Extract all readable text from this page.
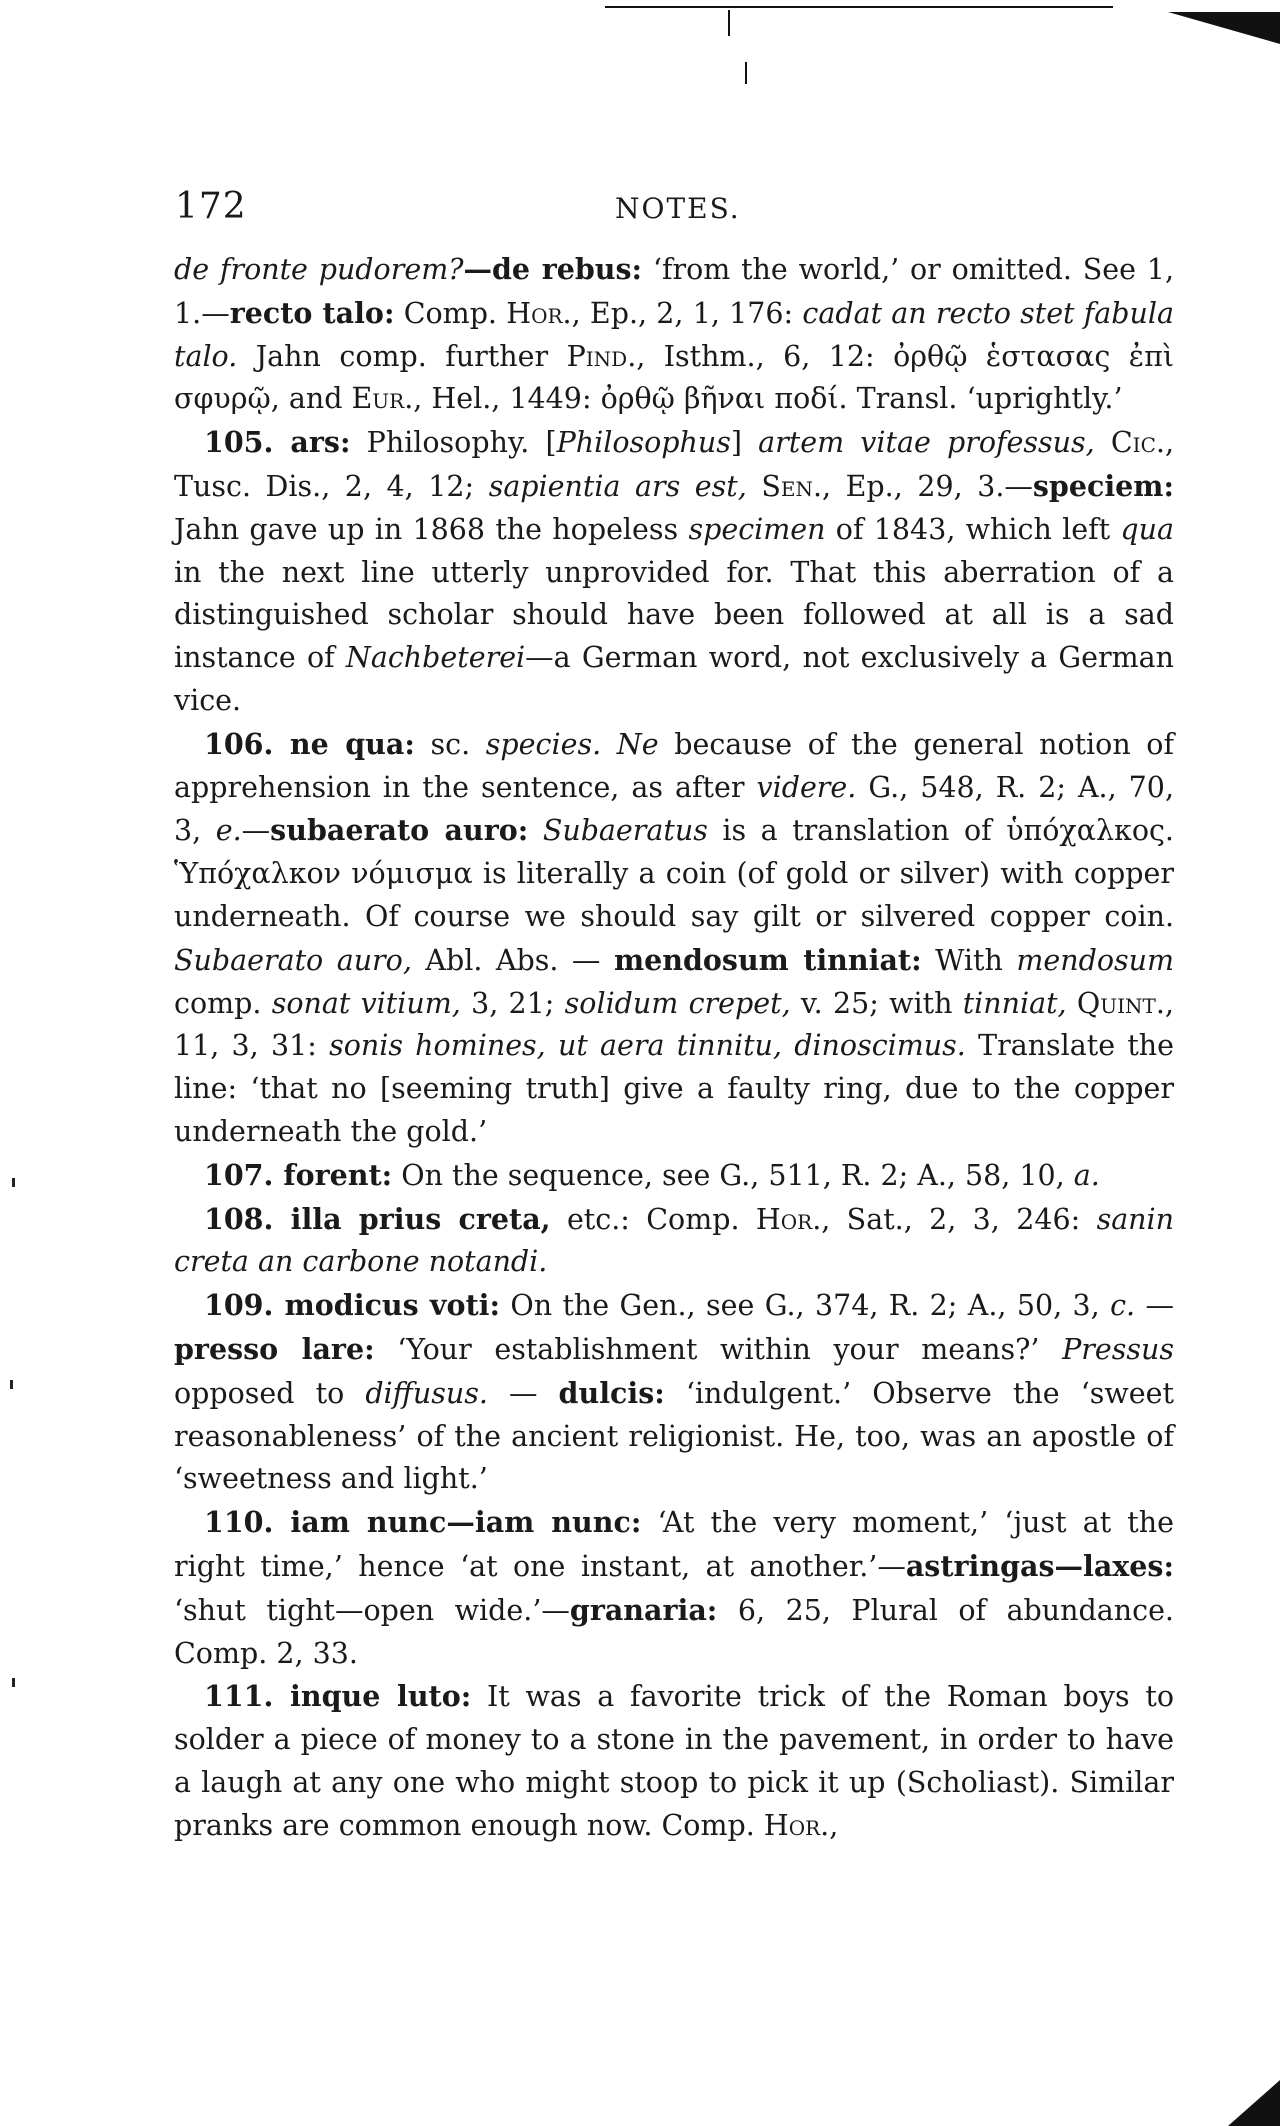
172	NOTES.

de fronte pudorem?—de rebus: ‘from the world,’ or omitted. See 1, 1.—recto talo: Comp. Hor., Ep., 2, 1, 176: cadat an recto stet fabula talo. Jahn comp. further Pind., Isthm., 6, 12: ὀρθῷ ἑστασας ἐπὶ σφυρῷ, and Eur., Hel., 1449: ὀρθῷ βῆναι ποδί. Transl. ‘uprightly.’

105. ars: Philosophy. [Philosophus] artem vitae professus, Cic., Tusc. Dis., 2, 4, 12; sapientia ars est, Sen., Ep., 29, 3.—speciem: Jahn gave up in 1868 the hopeless specimen of 1843, which left qua in the next line utterly unprovided for. That this aberration of a distinguished scholar should have been followed at all is a sad instance of Nachbeterei—a German word, not exclusively a German vice.

106. ne qua: sc. species. Ne because of the general notion of apprehension in the sentence, as after videre. G., 548, R. 2; A., 70, 3, e.—subaerato auro: Subaeratus is a translation of ὑπόχαλκος. Ὑπόχαλκον νόμισμα is literally a coin (of gold or silver) with copper underneath. Of course we should say gilt or silvered copper coin. Subaerato auro, Abl. Abs. — mendosum tinniat: With mendosum comp. sonat vitium, 3, 21; solidum crepet, v. 25; with tinniat, Quint., 11, 3, 31: sonis homines, ut aera tinnitu, dinoscimus. Translate the line: ‘that no [seeming truth] give a faulty ring, due to the copper underneath the gold.’

107. forent: On the sequence, see G., 511, R. 2; A., 58, 10, a.

108. illa prius creta, etc.: Comp. Hor., Sat., 2, 3, 246: sanin creta an carbone notandi.

109. modicus voti: On the Gen., see G., 374, R. 2; A., 50, 3, c. —presso lare: ‘Your establishment within your means?’ Pressus opposed to diffusus. — dulcis: ‘indulgent.’ Observe the ‘sweet reasonableness’ of the ancient religionist. He, too, was an apostle of ‘sweetness and light.’

110. iam nunc—iam nunc: ‘At the very moment,’ ‘just at the right time,’ hence ‘at one instant, at another.’—astringas—laxes: ‘shut tight—open wide.’—granaria: 6, 25, Plural of abundance. Comp. 2, 33.

111. inque luto: It was a favorite trick of the Roman boys to solder a piece of money to a stone in the pavement, in order to have a laugh at any one who might stoop to pick it up (Scholiast). Similar pranks are common enough now. Comp. Hor.,
